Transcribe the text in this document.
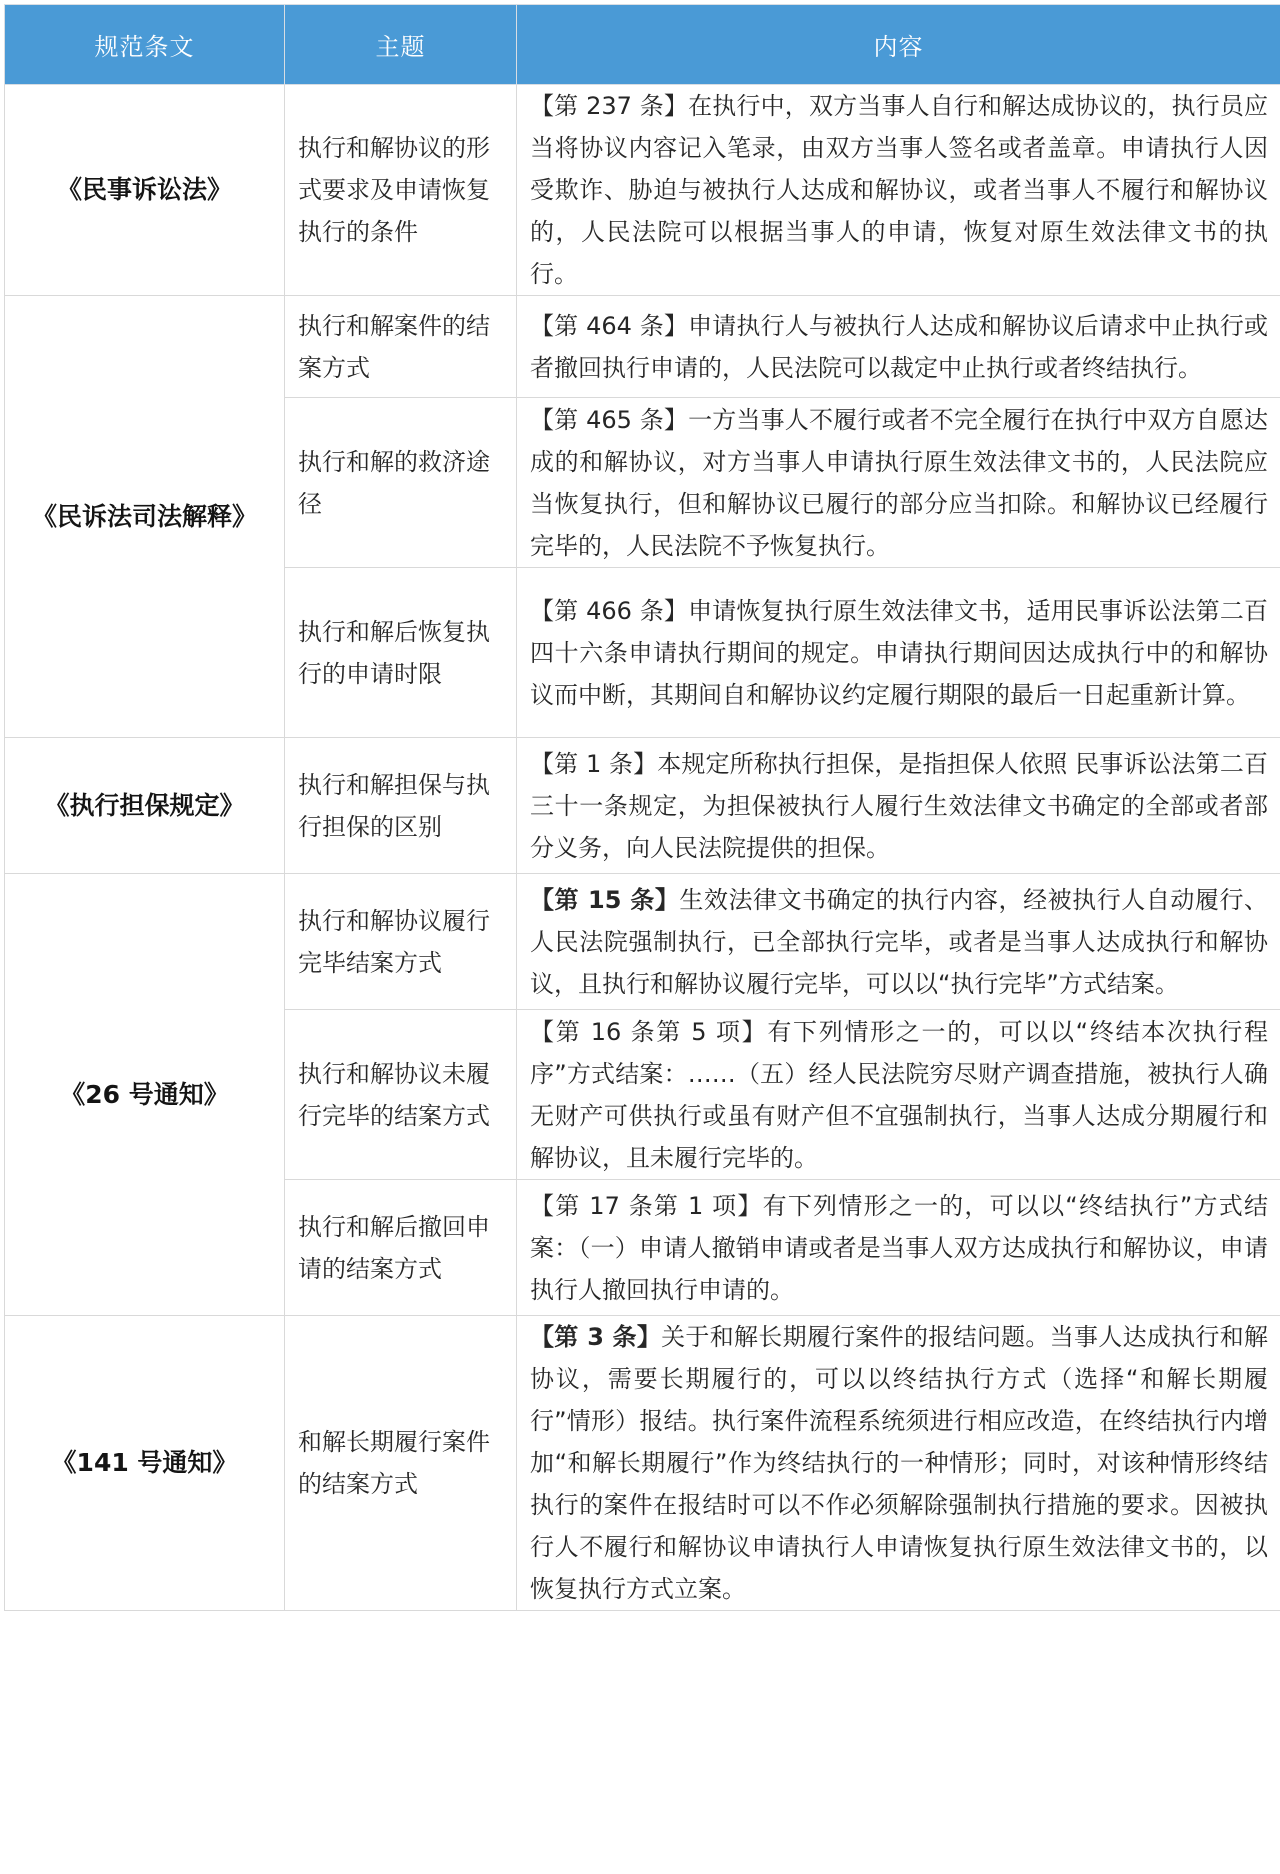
规范条文	主题	内容
《民事诉讼法》	执行和解协议的形式要求及申请恢复执行的条件	【第 237 条】在执行中，双方当事人自行和解达成协议的，执行员应当将协议内容记入笔录，由双方当事人签名或者盖章。申请执行人因受欺诈、胁迫与被执行人达成和解协议，或者当事人不履行和解协议的，人民法院可以根据当事人的申请，恢复对原生效法律文书的执行。
《民诉法司法解释》	执行和解案件的结案方式	【第 464 条】申请执行人与被执行人达成和解协议后请求中止执行或者撤回执行申请的，人民法院可以裁定中止执行或者终结执行。
	执行和解的救济途径	【第 465 条】一方当事人不履行或者不完全履行在执行中双方自愿达成的和解协议，对方当事人申请执行原生效法律文书的，人民法院应当恢复执行，但和解协议已履行的部分应当扣除。和解协议已经履行完毕的，人民法院不予恢复执行。
	执行和解后恢复执行的申请时限	【第 466 条】申请恢复执行原生效法律文书，适用民事诉讼法第二百四十六条申请执行期间的规定。申请执行期间因达成执行中的和解协议而中断，其期间自和解协议约定履行期限的最后一日起重新计算。
《执行担保规定》	执行和解担保与执行担保的区别	【第 1 条】本规定所称执行担保，是指担保人依照 民事诉讼法第二百三十一条规定，为担保被执行人履行生效法律文书确定的全部或者部分义务，向人民法院提供的担保。
《26 号通知》	执行和解协议履行完毕结案方式	【第 15 条】生效法律文书确定的执行内容，经被执行人自动履行、人民法院强制执行，已全部执行完毕，或者是当事人达成执行和解协议，且执行和解协议履行完毕，可以以“执行完毕”方式结案。
	执行和解协议未履行完毕的结案方式	【第 16 条第 5 项】有下列情形之一的，可以以“终结本次执行程序”方式结案：……（五）经人民法院穷尽财产调查措施，被执行人确无财产可供执行或虽有财产但不宜强制执行，当事人达成分期履行和解协议，且未履行完毕的。
	执行和解后撤回申请的结案方式	【第 17 条第 1 项】有下列情形之一的，可以以“终结执行”方式结案：（一）申请人撤销申请或者是当事人双方达成执行和解协议，申请执行人撤回执行申请的。
《141 号通知》	和解长期履行案件的结案方式	【第 3 条】关于和解长期履行案件的报结问题。当事人达成执行和解协议，需要长期履行的，可以以终结执行方式（选择“和解长期履行”情形）报结。执行案件流程系统须进行相应改造，在终结执行内增加“和解长期履行”作为终结执行的一种情形；同时，对该种情形终结执行的案件在报结时可以不作必须解除强制执行措施的要求。因被执行人不履行和解协议申请执行人申请恢复执行原生效法律文书的，以恢复执行方式立案。
